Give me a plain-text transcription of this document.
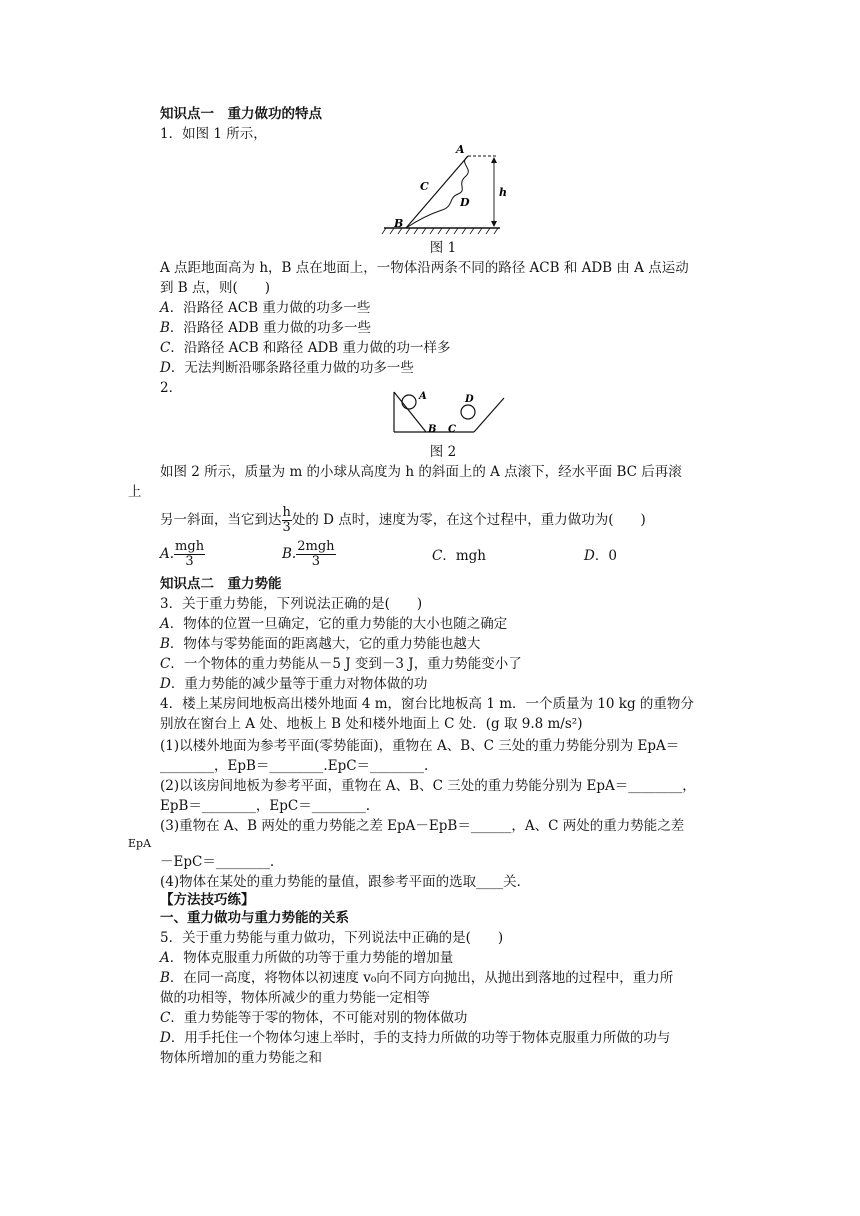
知识点一　重力做功的特点
1．如图 1 所示，
A
B
C
D
h
图 1
A 点距地面高为 h，B 点在地面上，一物体沿两条不同的路径 ACB 和 ADB 由 A 点运动
到 B 点，则(　　)
A．沿路径 ACB 重力做的功多一些
B．沿路径 ADB 重力做的功多一些
C．沿路径 ACB 和路径 ADB 重力做的功一样多
D．无法判断沿哪条路径重力做的功多一些
2．
A
B C
D
图 2
如图 2 所示，质量为 m 的小球从高度为 h 的斜面上的 A 点滚下，经水平面 BC 后再滚
上
另一斜面，当它到达 $\frac{h}{3}$ 处的 D 点时，速度为零，在这个过程中，重力做功为(　　)
A. $\frac{\text{mgh}}{3}$	B. $\frac{\text{2mgh}}{3}$	C．mgh	D．0
知识点二　重力势能
3．关于重力势能，下列说法正确的是(　　)
A．物体的位置一旦确定，它的重力势能的大小也随之确定
B．物体与零势能面的距离越大，它的重力势能也越大
C．一个物体的重力势能从－5 J 变到－3 J，重力势能变小了
D．重力势能的减少量等于重力对物体做的功
4．楼上某房间地板高出楼外地面 4 m，窗台比地板高 1 m．一个质量为 10 kg 的重物分
别放在窗台上 A 处、地板上 B 处和楼外地面上 C 处．(g 取 9.8 m/s²)
(1)以楼外地面为参考平面(零势能面)，重物在 A、B、C 三处的重力势能分别为 EpA＝
________，EpB＝________.EpC＝________.
(2)以该房间地板为参考平面，重物在 A、B、C 三处的重力势能分别为 EpA＝________，
EpB＝________，EpC＝________.
(3)重物在 A、B 两处的重力势能之差 EpA－EpB＝______，A、C 两处的重力势能之差
EpA
－EpC＝________.
(4)物体在某处的重力势能的量值，跟参考平面的选取____关．
【方法技巧练】
一、重力做功与重力势能的关系
5．关于重力势能与重力做功，下列说法中正确的是(　　)
A．物体克服重力所做的功等于重力势能的增加量
B．在同一高度，将物体以初速度 v₀向不同方向抛出，从抛出到落地的过程中，重力所
做的功相等，物体所减少的重力势能一定相等
C．重力势能等于零的物体，不可能对别的物体做功
D．用手托住一个物体匀速上举时，手的支持力所做的功等于物体克服重力所做的功与
物体所增加的重力势能之和
